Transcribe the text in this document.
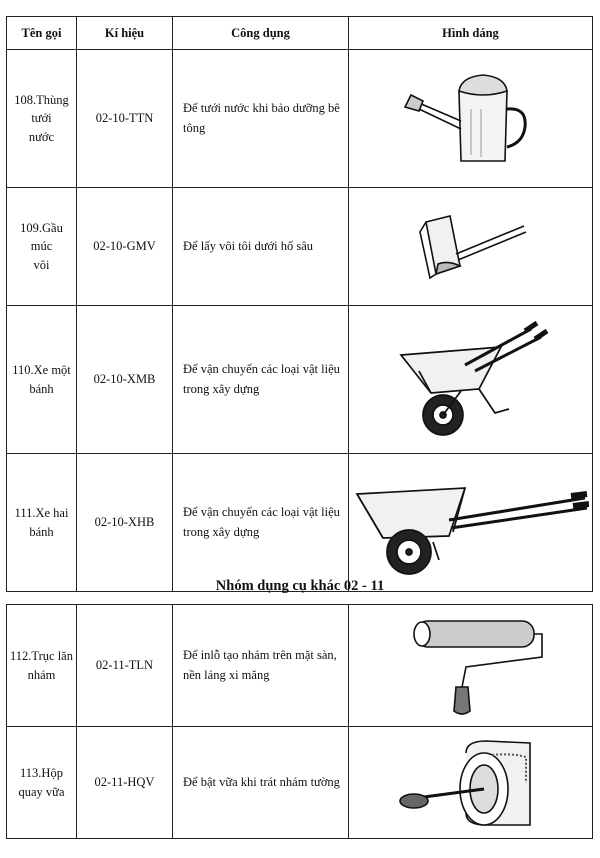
Tên gọi	Kí hiệu	Công dụng	Hình dáng

108.Thùng
tưới
nước	02-10-TTN	Để tưới nước khi bảo dưỡng bê tông	

109.Gầu múc
vôi	02-10-GMV	Để lấy vôi tôi dưới hố sâu	

110.Xe một
bánh	02-10-XMB	Để vận chuyển các loại vật liệu trong xây dựng	

111.Xe hai
bánh	02-10-XHB	Để vận chuyển các loại vật liệu trong xây dựng	
Nhóm dụng cụ khác 02 - 11
112.Trục lăn
nhám	02-11-TLN	Để inlỗ tạo nhám trên mặt sàn, nền láng xi măng	

113.Hộp
quay vữa	02-11-HQV	Để bật vữa khi trát nhám tường	
